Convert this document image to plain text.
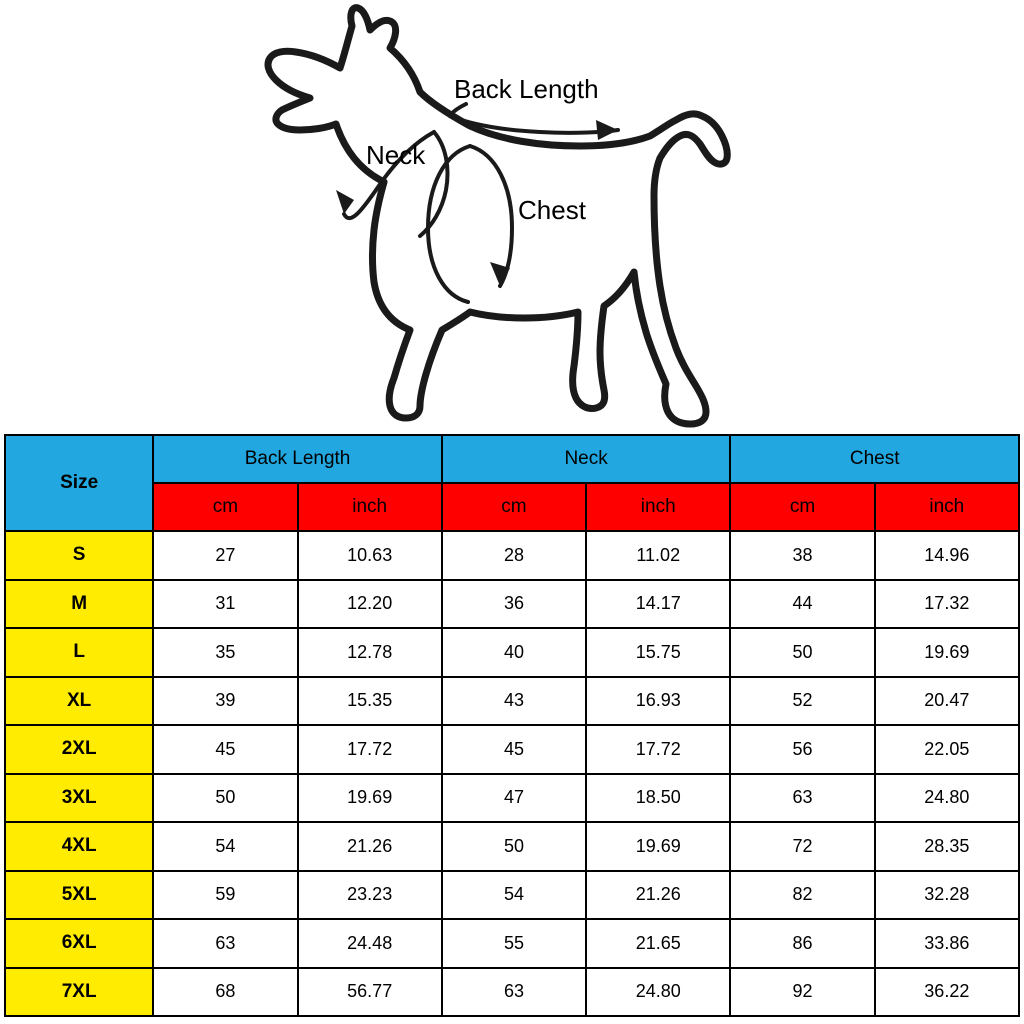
Back Length
Neck
Chest
Size	Back Length		Neck		Chest	
	cm	inch	cm	inch	cm	inch
S	27	10.63	28	11.02	38	14.96
M	31	12.20	36	14.17	44	17.32
L	35	12.78	40	15.75	50	19.69
XL	39	15.35	43	16.93	52	20.47
2XL	45	17.72	45	17.72	56	22.05
3XL	50	19.69	47	18.50	63	24.80
4XL	54	21.26	50	19.69	72	28.35
5XL	59	23.23	54	21.26	82	32.28
6XL	63	24.48	55	21.65	86	33.86
7XL	68	56.77	63	24.80	92	36.22
